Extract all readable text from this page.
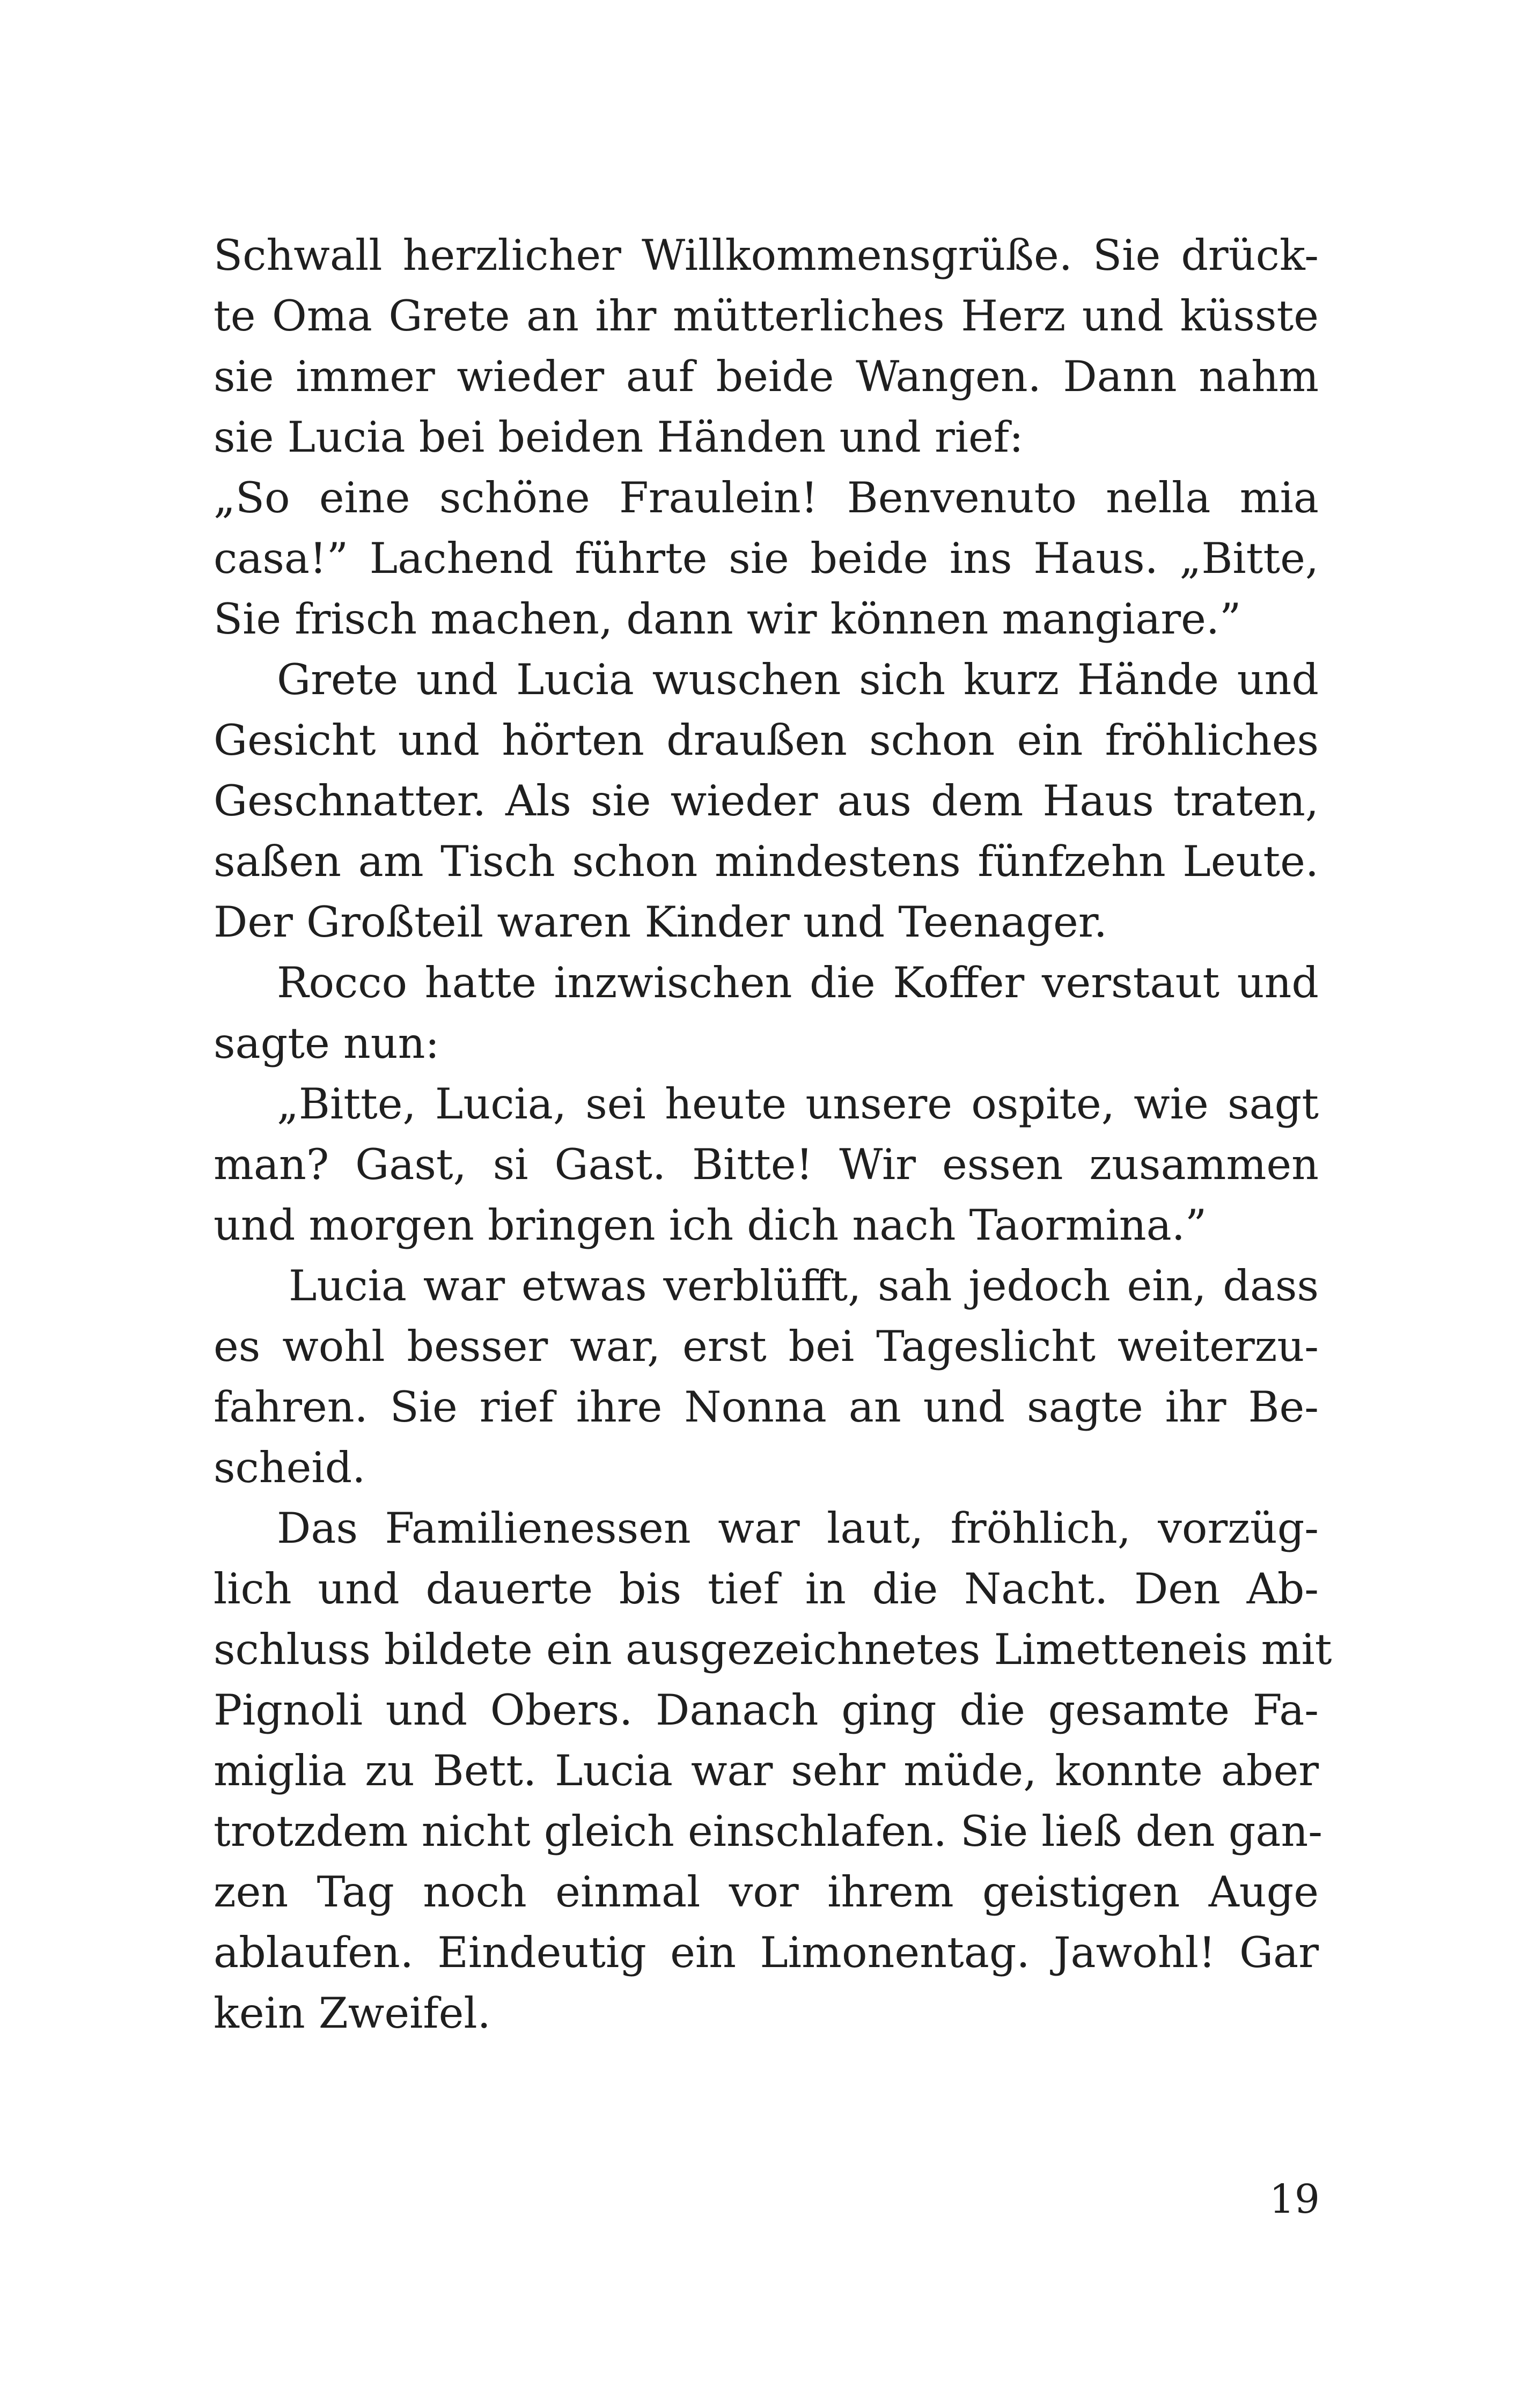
Schwall herzlicher Willkommensgrüße. Sie drück-
te Oma Grete an ihr mütterliches Herz und küsste
sie immer wieder auf beide Wangen. Dann nahm
sie Lucia bei beiden Händen und rief:
„So eine schöne Fraulein! Benvenuto nella mia
casa!” Lachend führte sie beide ins Haus. „Bitte,
Sie frisch machen, dann wir können mangiare.”
Grete und Lucia wuschen sich kurz Hände und
Gesicht und hörten draußen schon ein fröhliches
Geschnatter. Als sie wieder aus dem Haus traten,
saßen am Tisch schon mindestens fünfzehn Leute.
Der Großteil waren Kinder und Teenager.
Rocco hatte inzwischen die Koffer verstaut und
sagte nun:
„Bitte, Lucia, sei heute unsere ospite, wie sagt
man? Gast, si Gast. Bitte! Wir essen zusammen
und morgen bringen ich dich nach Taormina.”
Lucia war etwas verblüfft, sah jedoch ein, dass
es wohl besser war, erst bei Tageslicht weiterzu-
fahren. Sie rief ihre Nonna an und sagte ihr Be-
scheid.
Das Familienessen war laut, fröhlich, vorzüg-
lich und dauerte bis tief in die Nacht. Den Ab-
schluss bildete ein ausgezeichnetes Limetteneis mit
Pignoli und Obers. Danach ging die gesamte Fa-
miglia zu Bett. Lucia war sehr müde, konnte aber
trotzdem nicht gleich einschlafen. Sie ließ den gan-
zen Tag noch einmal vor ihrem geistigen Auge
ablaufen. Eindeutig ein Limonentag. Jawohl! Gar
kein Zweifel.
19
